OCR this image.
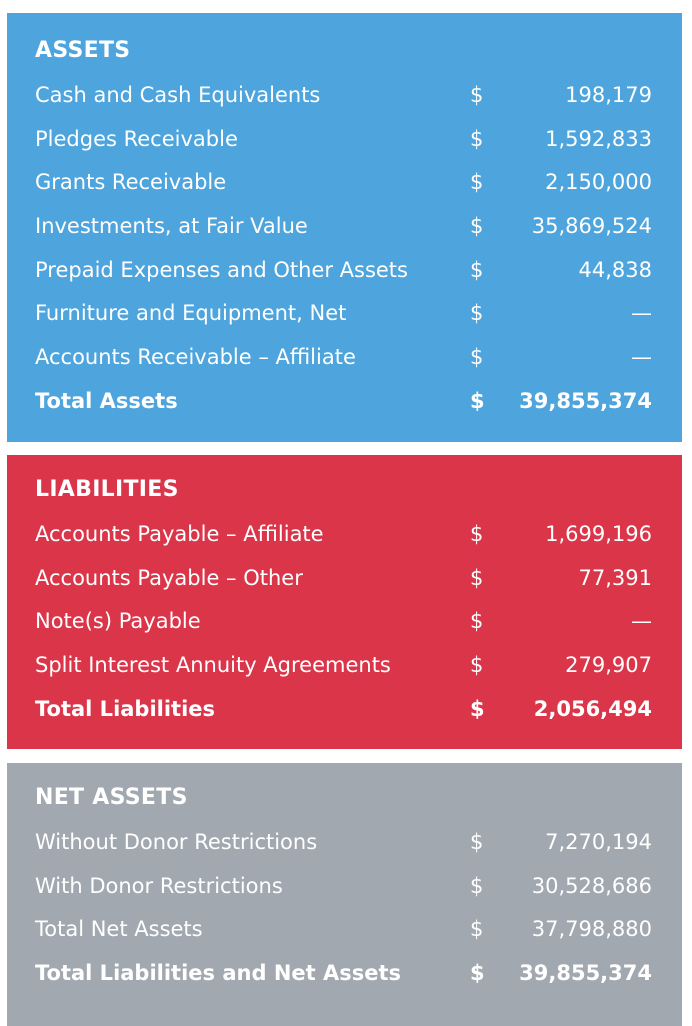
ASSETS
Cash and Cash Equivalents	$	198,179
Pledges Receivable	$	1,592,833
Grants Receivable	$	2,150,000
Investments, at Fair Value	$ 35,869,524
Prepaid Expenses and Other Assets	$	44,838
Furniture and Equipment, Net	$	—
Accounts Receivable – Affiliate	$	—
Total Assets	$ 39,855,374
LIABILITIES
Accounts Payable – Affiliate	$	1,699,196
Accounts Payable – Other	$	77,391
Note(s) Payable	$	—
Split Interest Annuity Agreements	$	279,907
Total Liabilities	$ 2,056,494
NET ASSETS
Without Donor Restrictions	$	7,270,194
With Donor Restrictions	$ 30,528,686
Total Net Assets	$ 37,798,880
Total Liabilities and Net Assets	$ 39,855,374
